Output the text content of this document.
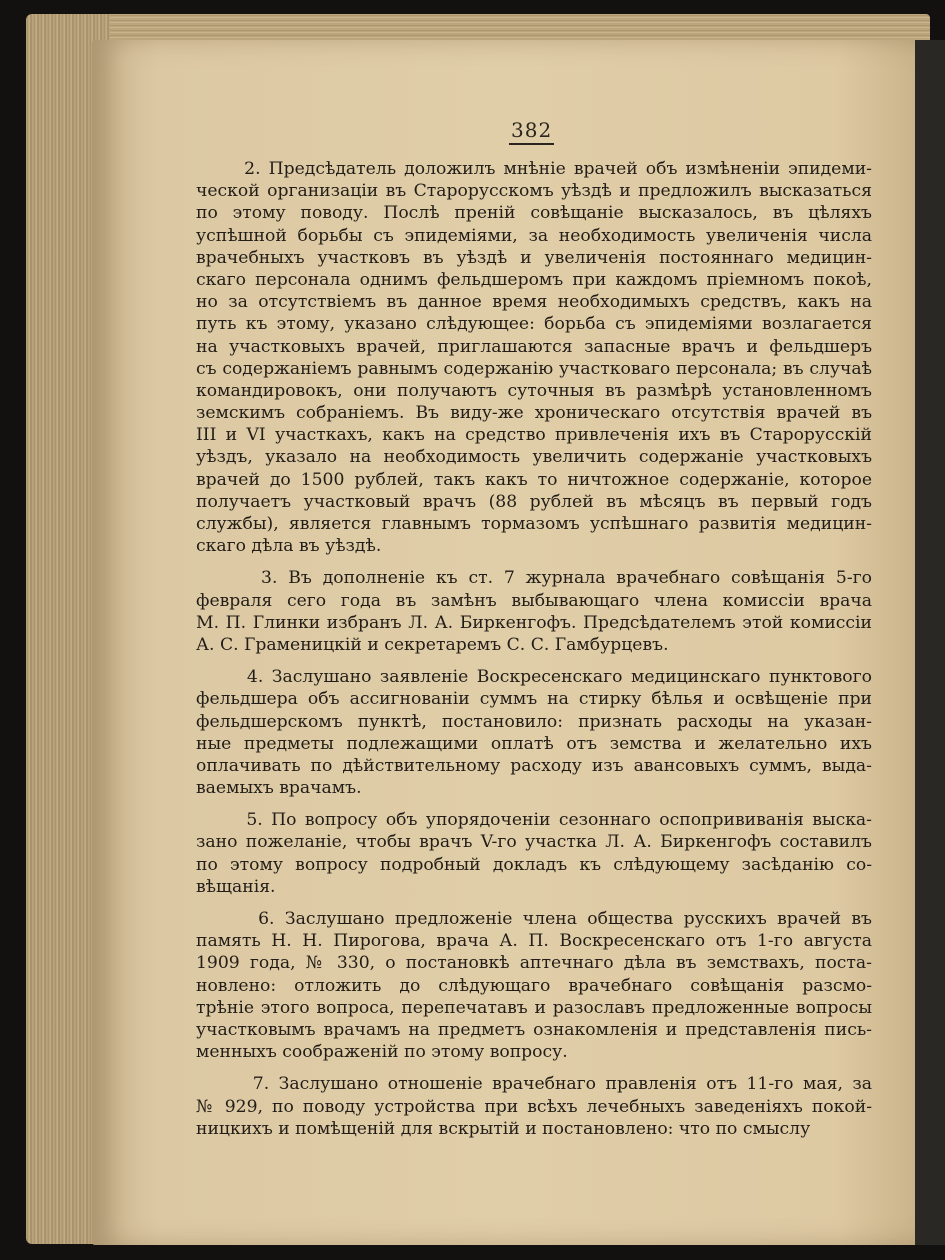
382
2. Предсѣдатель доложилъ мнѣніе врачей объ измѣненіи эпидеми-
ческой организаціи въ Старорусскомъ уѣздѣ и предложилъ высказаться
по этому поводу. Послѣ преній совѣщаніе высказалось, въ цѣляхъ
успѣшной борьбы съ эпидеміями, за необходимость увеличенія числа
врачебныхъ участковъ въ уѣздѣ и увеличенія постояннаго медицин-
скаго персонала однимъ фельдшеромъ при каждомъ пріемномъ покоѣ,
но за отсутствіемъ въ данное время необходимыхъ средствъ, какъ на
путь къ этому, указано слѣдующее: борьба съ эпидеміями возлагается
на участковыхъ врачей, приглашаются запасные врачъ и фельдшеръ
съ содержаніемъ равнымъ содержанію участковаго персонала; въ случаѣ
командировокъ, они получаютъ суточныя въ размѣрѣ установленномъ
земскимъ собраніемъ. Въ виду-же хроническаго отсутствія врачей въ
III и VI участкахъ, какъ на средство привлеченія ихъ въ Старорусскій
уѣздъ, указало на необходимость увеличить содержаніе участковыхъ
врачей до 1500 рублей, такъ какъ то ничтожное содержаніе, которое
получаетъ участковый врачъ (88 рублей въ мѣсяцъ въ первый годъ
службы), является главнымъ тормазомъ успѣшнаго развитія медицин-
скаго дѣла въ уѣздѣ.
3. Въ дополненіе къ ст. 7 журнала врачебнаго совѣщанія 5-го
февраля сего года въ замѣнъ выбывающаго члена комиссіи врача
М. П. Глинки избранъ Л. А. Биркенгофъ. Предсѣдателемъ этой комиссіи
А. С. Граменицкій и секретаремъ С. С. Гамбурцевъ.
4. Заслушано заявленіе Воскресенскаго медицинскаго пунктового
фельдшера объ ассигнованіи суммъ на стирку бѣлья и освѣщеніе при
фельдшерскомъ пунктѣ, постановило: признать расходы на указан-
ные предметы подлежащими оплатѣ отъ земства и желательно ихъ
оплачивать по дѣйствительному расходу изъ авансовыхъ суммъ, выда-
ваемыхъ врачамъ.
5. По вопросу объ упорядоченіи сезоннаго оспопрививанія выска-
зано пожеланіе, чтобы врачъ V-го участка Л. А. Биркенгофъ составилъ
по этому вопросу подробный докладъ къ слѣдующему засѣданію со-
вѣщанія.
6. Заслушано предложеніе члена общества русскихъ врачей въ
память Н. Н. Пирогова, врача А. П. Воскресенскаго отъ 1-го августа
1909 года, № 330, о постановкѣ аптечнаго дѣла въ земствахъ, поста-
новлено: отложить до слѣдующаго врачебнаго совѣщанія разсмо-
трѣніе этого вопроса, перепечатавъ и разославъ предложенные вопросы
участковымъ врачамъ на предметъ ознакомленія и представленія пись-
менныхъ соображеній по этому вопросу.
7. Заслушано отношеніе врачебнаго правленія отъ 11-го мая, за
№ 929, по поводу устройства при всѣхъ лечебныхъ заведеніяхъ покой-
ницкихъ и помѣщеній для вскрытій и постановлено: что по смыслу
